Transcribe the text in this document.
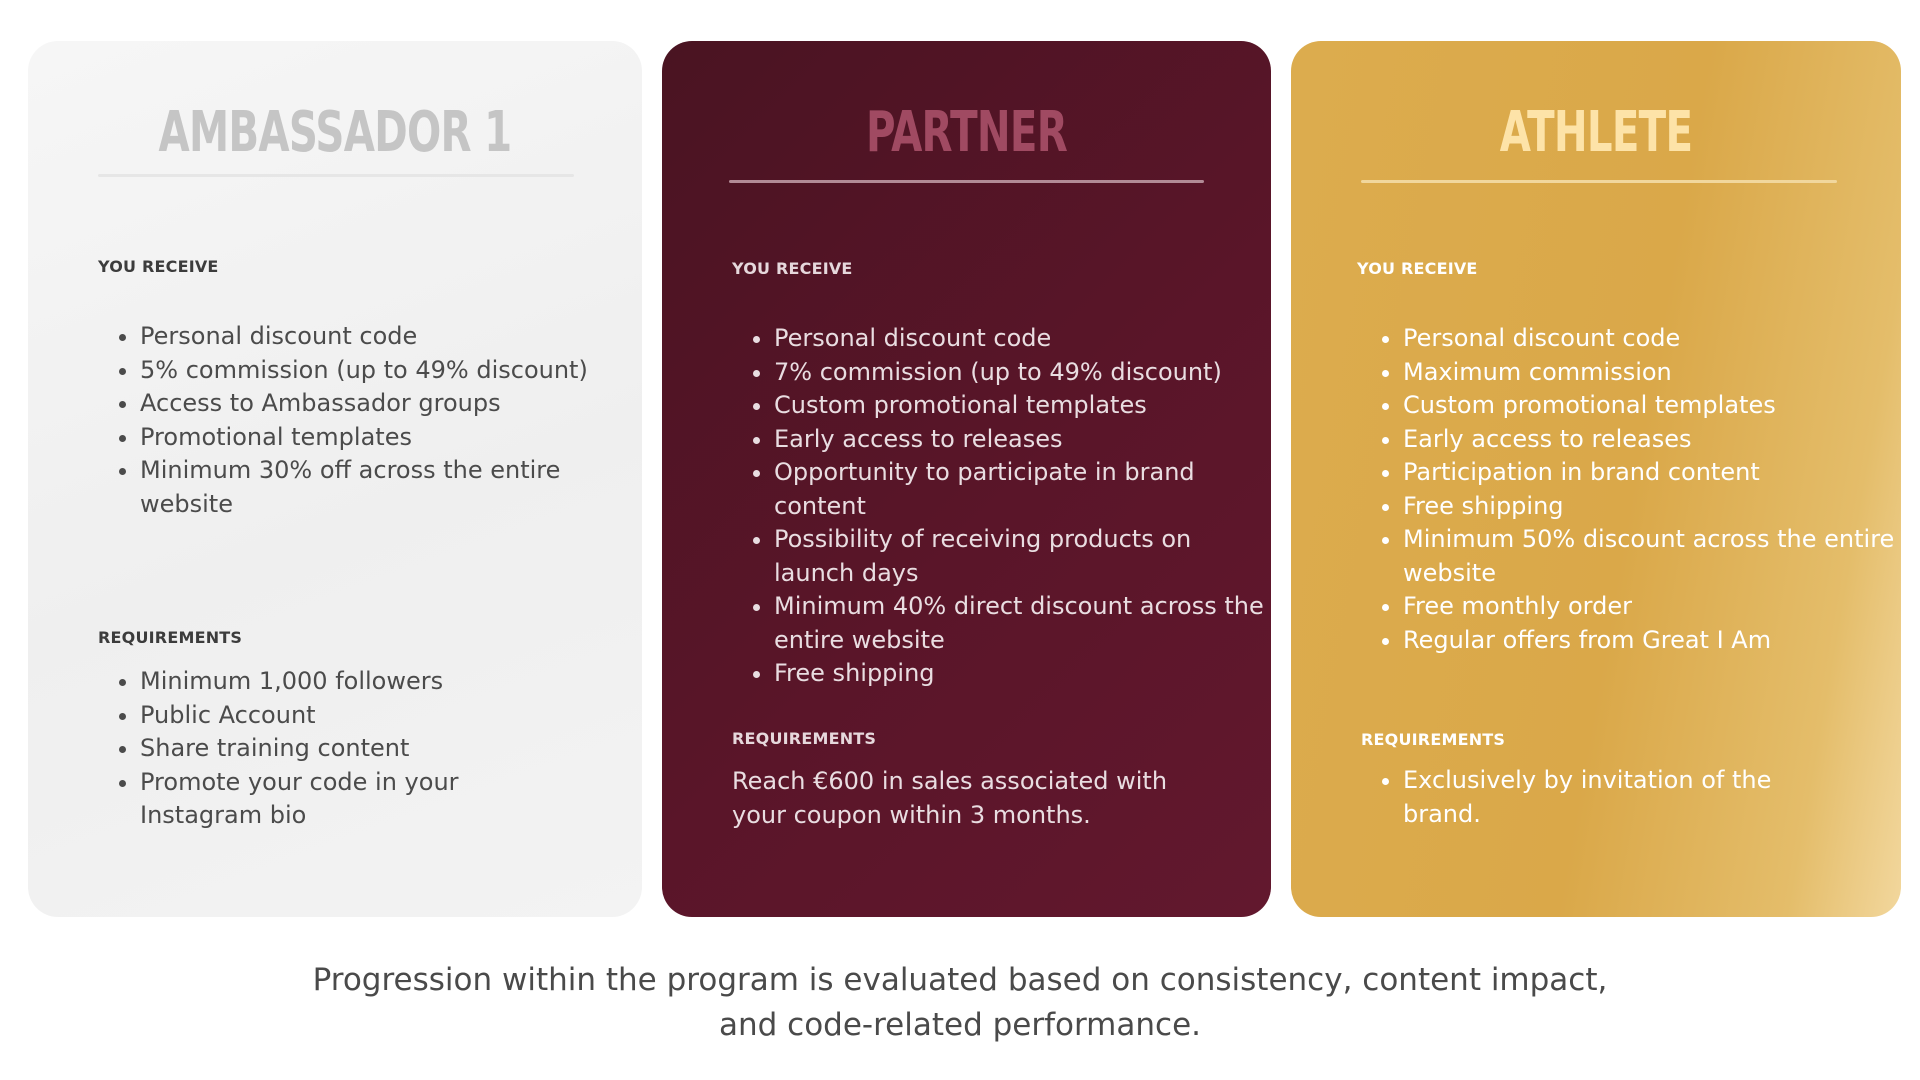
AMBASSADOR 1
YOU RECEIVE
• Personal discount code
• 5% commission (up to 49% discount)
• Access to Ambassador groups
• Promotional templates
• Minimum 30% off across the entire website
REQUIREMENTS
• Minimum 1,000 followers
• Public Account
• Share training content
• Promote your code in your Instagram bio
PARTNER
YOU RECEIVE
• Personal discount code
• 7% commission (up to 49% discount)
• Custom promotional templates
• Early access to releases
• Opportunity to participate in brand content
• Possibility of receiving products on launch days
• Minimum 40% direct discount across the entire website
• Free shipping
REQUIREMENTS
Reach €600 in sales associated with your coupon within 3 months.
ATHLETE
YOU RECEIVE
• Personal discount code
• Maximum commission
• Custom promotional templates
• Early access to releases
• Participation in brand content
• Free shipping
• Minimum 50% discount across the entire website
• Free monthly order
• Regular offers from Great I Am
REQUIREMENTS
• Exclusively by invitation of the brand.
Progression within the program is evaluated based on consistency, content impact,
and code-related performance.
